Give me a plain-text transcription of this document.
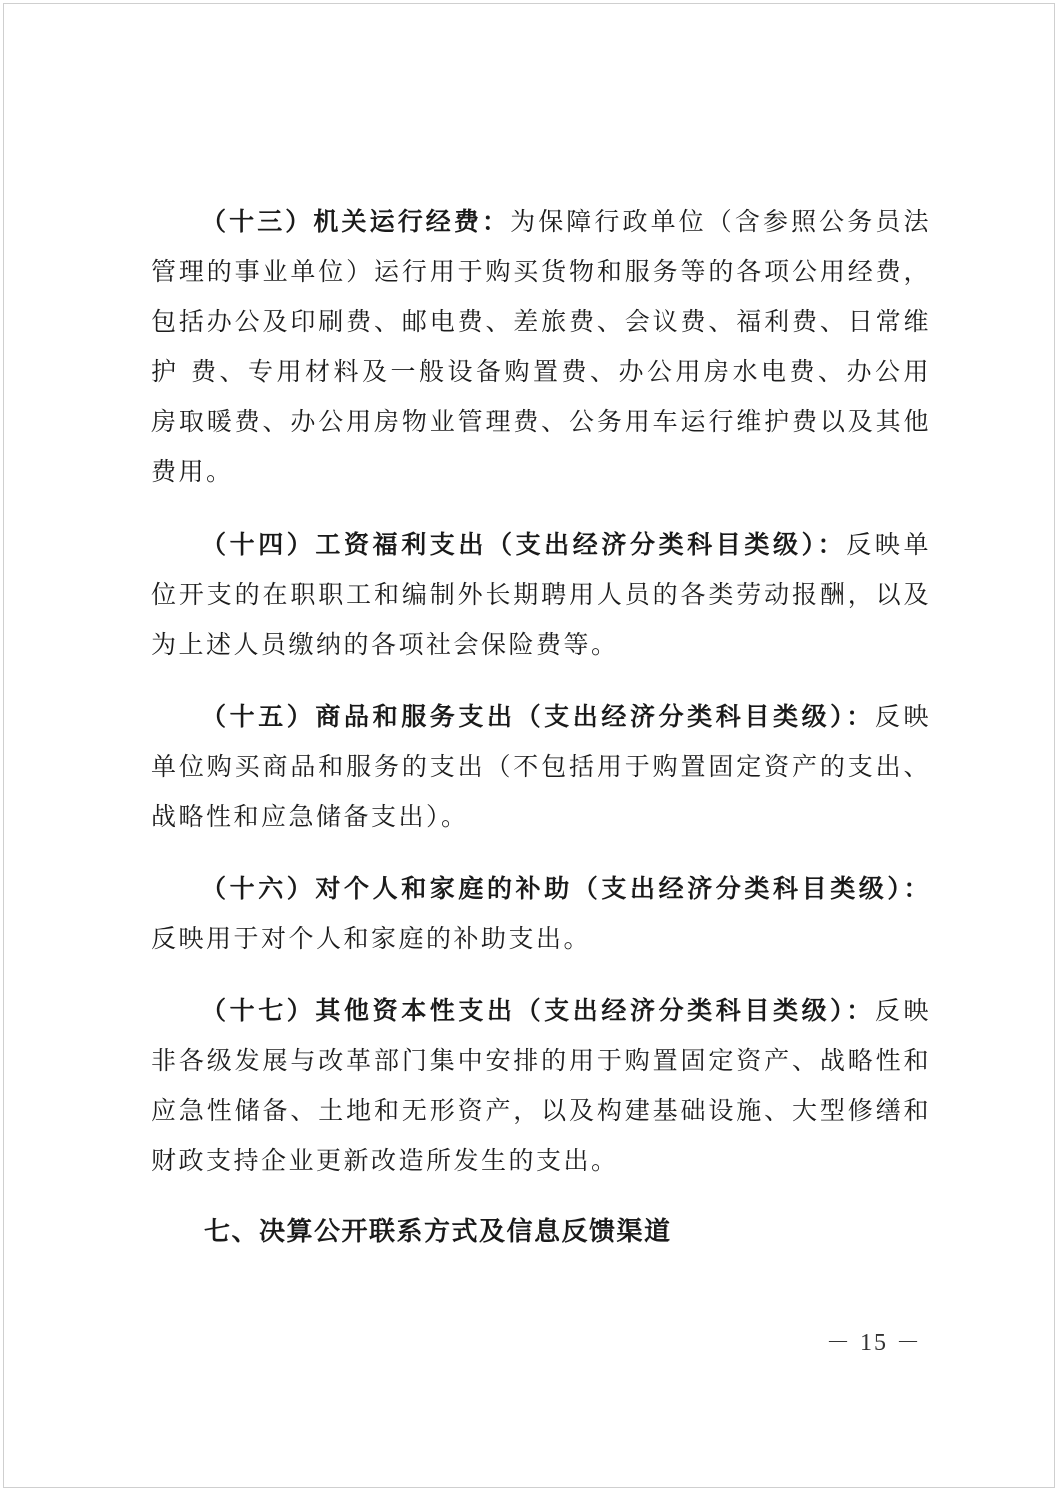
（十三）机关运行经费：为保障行政单位（含参照公务员法管理的事业单位）运行用于购买货物和服务等的各项公用经费，包括办公及印刷费、邮电费、差旅费、会议费、福利费、日常维护 费、专用材料及一般设备购置费、办公用房水电费、办公用房取暖费、办公用房物业管理费、公务用车运行维护费以及其他费用。

（十四）工资福利支出（支出经济分类科目类级）：反映单位开支的在职职工和编制外长期聘用人员的各类劳动报酬，以及为上述人员缴纳的各项社会保险费等。

（十五）商品和服务支出（支出经济分类科目类级）：反映单位购买商品和服务的支出（不包括用于购置固定资产的支出、战略性和应急储备支出）。

（十六）对个人和家庭的补助（支出经济分类科目类级）：反映用于对个人和家庭的补助支出。

（十七）其他资本性支出（支出经济分类科目类级）：反映非各级发展与改革部门集中安排的用于购置固定资产、战略性和应急性储备、土地和无形资产，以及构建基础设施、大型修缮和财政支持企业更新改造所发生的支出。

七、决算公开联系方式及信息反馈渠道
－ 15 －
